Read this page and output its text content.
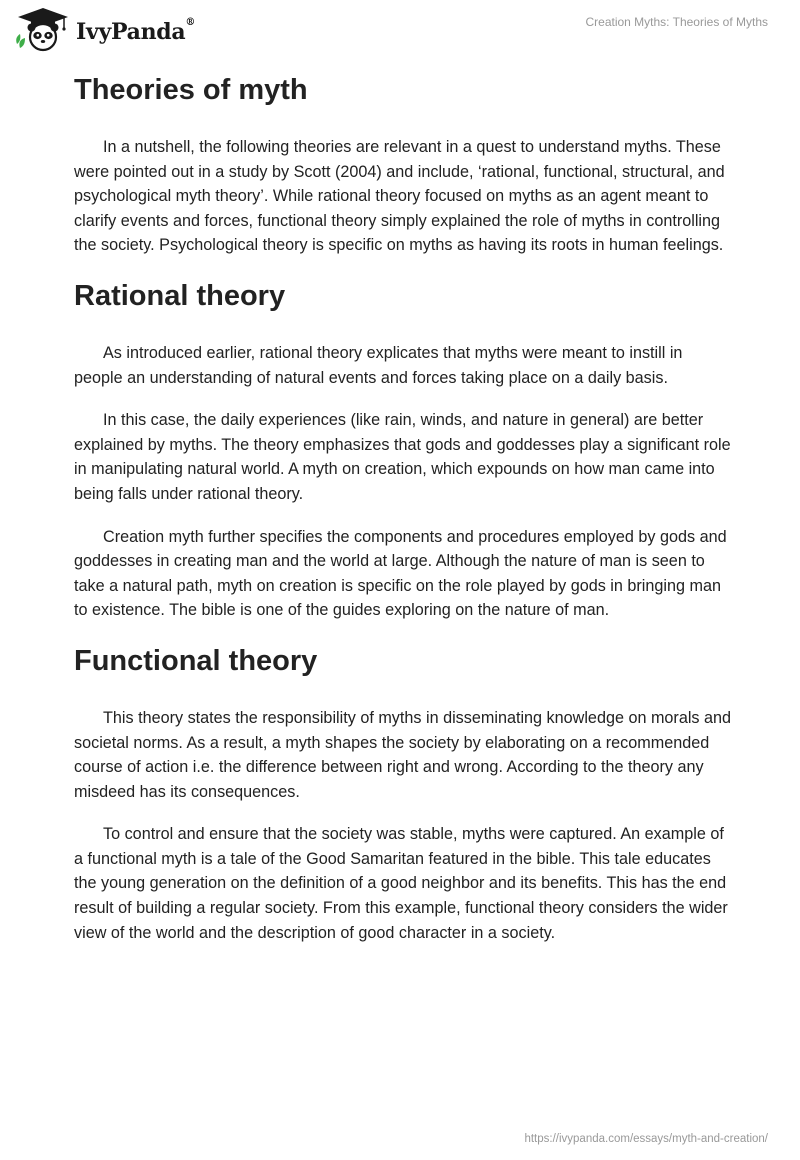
IvyPanda®	Creation Myths: Theories of Myths
Theories of myth

In a nutshell, the following theories are relevant in a quest to understand myths. These were pointed out in a study by Scott (2004) and include, ‘rational, functional, structural, and psychological myth theory’. While rational theory focused on myths as an agent meant to clarify events and forces, functional theory simply explained the role of myths in controlling the society. Psychological theory is specific on myths as having its roots in human feelings.

Rational theory

As introduced earlier, rational theory explicates that myths were meant to instill in people an understanding of natural events and forces taking place on a daily basis.

In this case, the daily experiences (like rain, winds, and nature in general) are better explained by myths. The theory emphasizes that gods and goddesses play a significant role in manipulating natural world. A myth on creation, which expounds on how man came into being falls under rational theory.

Creation myth further specifies the components and procedures employed by gods and goddesses in creating man and the world at large. Although the nature of man is seen to take a natural path, myth on creation is specific on the role played by gods in bringing man to existence. The bible is one of the guides exploring on the nature of man.

Functional theory

This theory states the responsibility of myths in disseminating knowledge on morals and societal norms. As a result, a myth shapes the society by elaborating on a recommended course of action i.e. the difference between right and wrong. According to the theory any misdeed has its consequences.

To control and ensure that the society was stable, myths were captured. An example of a functional myth is a tale of the Good Samaritan featured in the bible. This tale educates the young generation on the definition of a good neighbor and its benefits. This has the end result of building a regular society. From this example, functional theory considers the wider view of the world and the description of good character in a society.

https://ivypanda.com/essays/myth-and-creation/
